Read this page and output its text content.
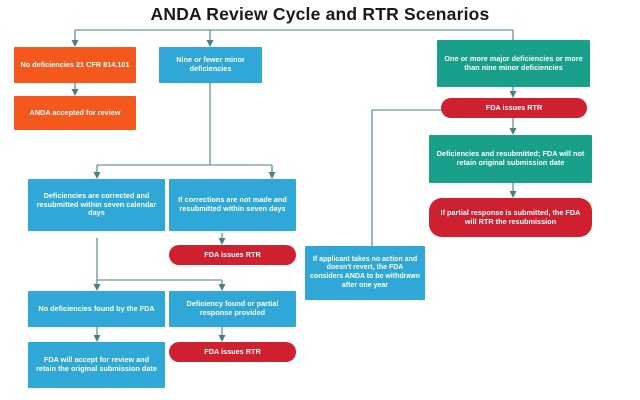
ANDA Review Cycle and RTR Scenarios
No deficiencies 21 CFR 814.101
ANDA accepted for review
Nine or fewer minor deficiencies
One or more major deficiencies or more than nine minor deficiencies
FDA issues RTR
Deficiencies and resubmitted; FDA will not retain original submission date
If partial response is submitted, the FDA will RTR the resubmission
Deficiencies are corrected and resubmitted within seven calendar days
If corrections are not made and resubmitted within seven days
FDA issues RTR
If applicant takes no action and doesn't revert, the FDA considers ANDA to be withdrawn after one year
No deficiencies found by the FDA	Deficiency found or partial response provided
FDA issues RTR
FDA will accept for review and retain the original submission date
